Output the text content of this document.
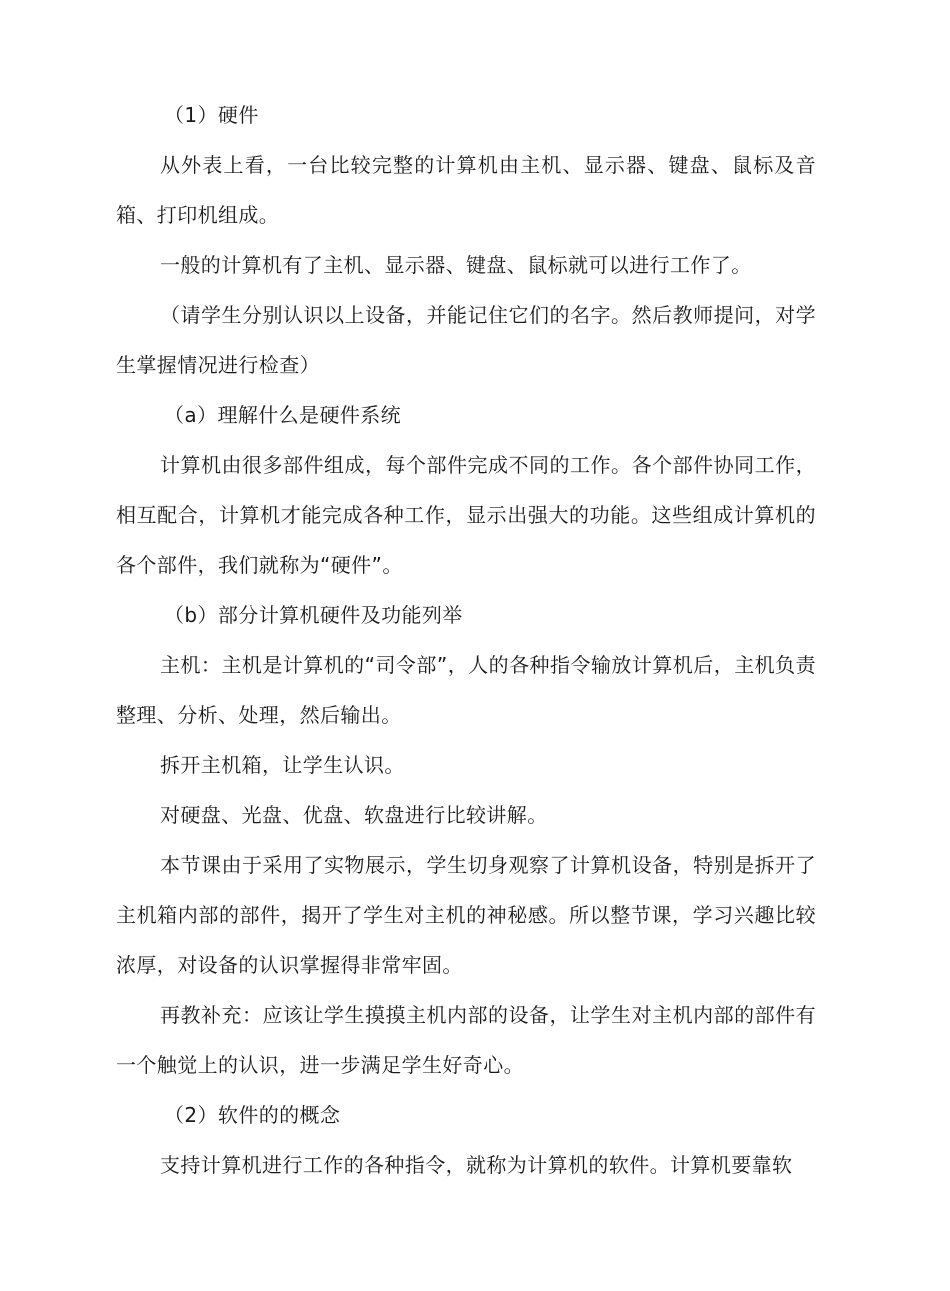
（1）硬件

从外表上看，一台比较完整的计算机由主机、显示器、键盘、鼠标及音箱、打印机组成。

一般的计算机有了主机、显示器、键盘、鼠标就可以进行工作了。

（请学生分别认识以上设备，并能记住它们的名字。然后教师提问，对学生掌握情况进行检查）

（a）理解什么是硬件系统

计算机由很多部件组成，每个部件完成不同的工作。各个部件协同工作，相互配合，计算机才能完成各种工作，显示出强大的功能。这些组成计算机的各个部件，我们就称为“硬件”。

（b）部分计算机硬件及功能列举

主机：主机是计算机的“司令部”，人的各种指令输放计算机后，主机负责整理、分析、处理，然后输出。

拆开主机箱，让学生认识。

对硬盘、光盘、优盘、软盘进行比较讲解。

本节课由于采用了实物展示，学生切身观察了计算机设备，特别是拆开了主机箱内部的部件，揭开了学生对主机的神秘感。所以整节课，学习兴趣比较浓厚，对设备的认识掌握得非常牢固。

再教补充：应该让学生摸摸主机内部的设备，让学生对主机内部的部件有一个触觉上的认识，进一步满足学生好奇心。

（2）软件的的概念

支持计算机进行工作的各种指令，就称为计算机的软件。计算机要靠软
